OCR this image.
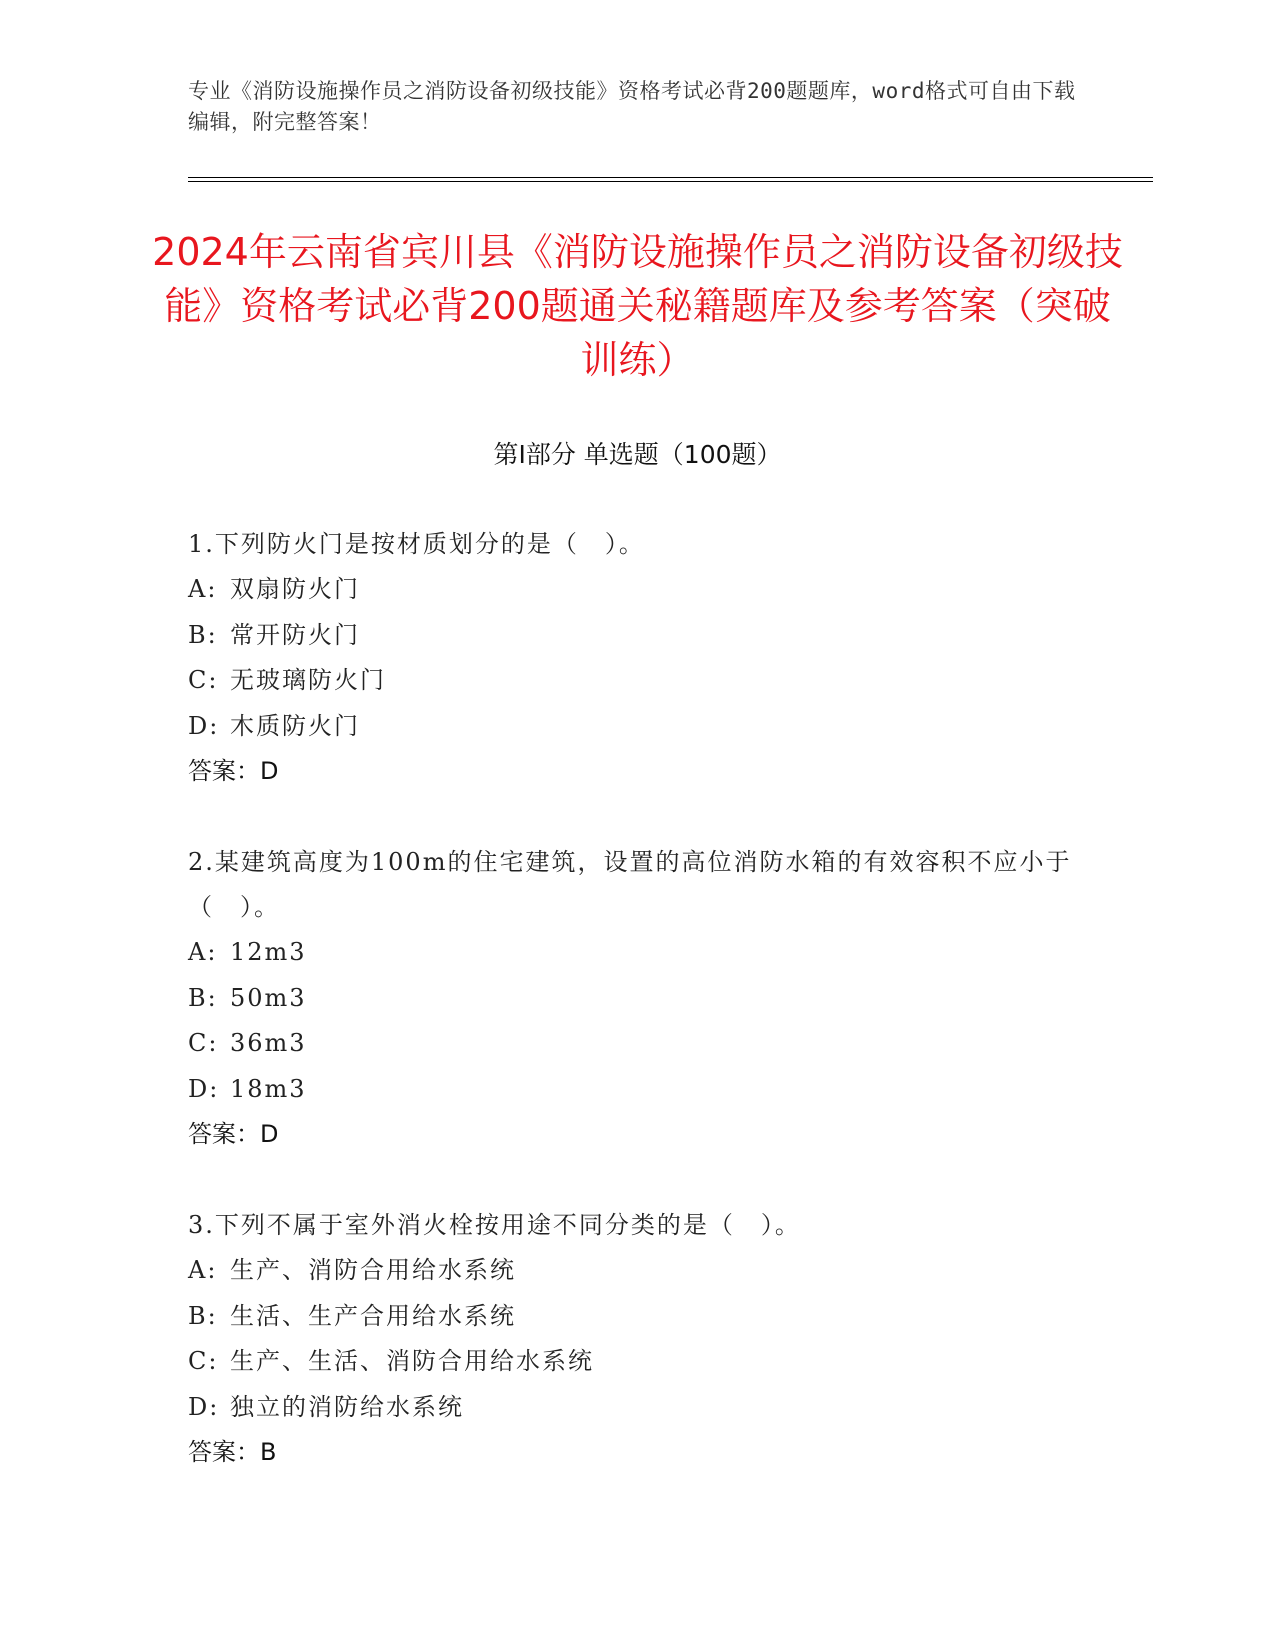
专业《消防设施操作员之消防设备初级技能》资格考试必背200题题库，word格式可自由下载编辑，附完整答案！
2024年云南省宾川县《消防设施操作员之消防设备初级技能》资格考试必背200题通关秘籍题库及参考答案（突破训练）
第Ⅰ部分 单选题（100题）
1.下列防火门是按材质划分的是（　）。
A: 双扇防火门
B: 常开防火门
C: 无玻璃防火门
D: 木质防火门
答案：D
2.某建筑高度为100m的住宅建筑，设置的高位消防水箱的有效容积不应小于（　）。
A: 12m3
B: 50m3
C: 36m3
D: 18m3
答案：D
3.下列不属于室外消火栓按用途不同分类的是（　）。
A: 生产、消防合用给水系统
B: 生活、生产合用给水系统
C: 生产、生活、消防合用给水系统
D: 独立的消防给水系统
答案：B
